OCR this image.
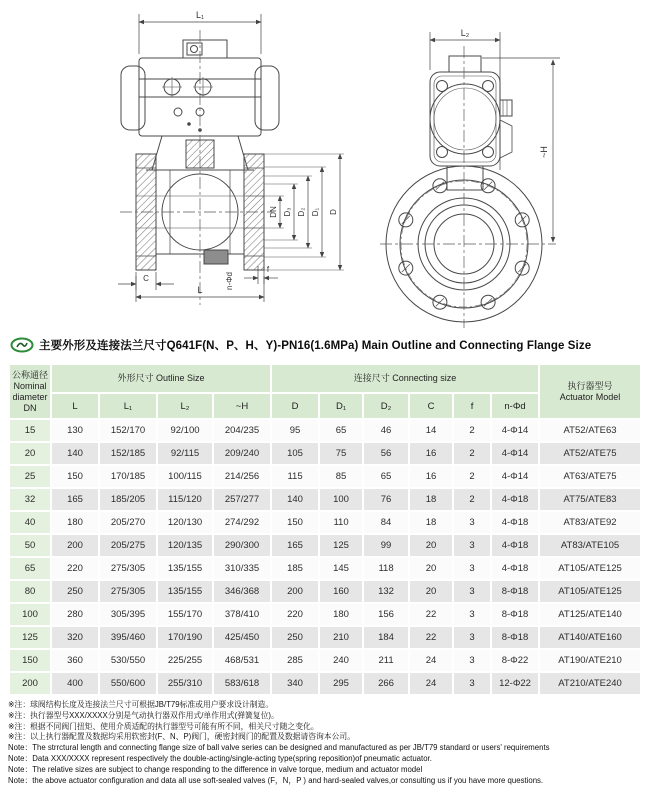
L₁
DN D₃ D₂ D₁ D
C
f
n-Φd
L
L₂
~H
主要外形及连接法兰尺寸Q641F(N、P、H、Y)-PN16(1.6MPa) Main Outline and Connecting Flange Size
公称通径
Nominal
diameter
DN	外形尺寸 Outline Size				连接尺寸 Connecting size						执行器型号
Actuator Model

	L	L₁	L₂	~H	D	D₁	D₂	C	f	n-Φd	
15	130	152/170	92/100	204/235	95	65	46	14	2	4-Φ14	AT52/ATE63
20	140	152/185	92/115	209/240	105	75	56	16	2	4-Φ14	AT52/ATE75
25	150	170/185	100/115	214/256	115	85	65	16	2	4-Φ14	AT63/ATE75
32	165	185/205	115/120	257/277	140	100	76	18	2	4-Φ18	AT75/ATE83
40	180	205/270	120/130	274/292	150	110	84	18	3	4-Φ18	AT83/ATE92
50	200	205/275	120/135	290/300	165	125	99	20	3	4-Φ18	AT83/ATE105
65	220	275/305	135/155	310/335	185	145	118	20	3	4-Φ18	AT105/ATE125
80	250	275/305	135/155	346/368	200	160	132	20	3	8-Φ18	AT105/ATE125
100	280	305/395	155/170	378/410	220	180	156	22	3	8-Φ18	AT125/ATE140
125	320	395/460	170/190	425/450	250	210	184	22	3	8-Φ18	AT140/ATE160
150	360	530/550	225/255	468/531	285	240	211	24	3	8-Φ22	AT190/ATE210
200	400	550/600	255/310	583/618	340	295	266	24	3	12-Φ22	AT210/ATE240
※注：球阀结构长度及连接法兰尺寸可根据JB/T79标准或用户要求设计制造。
※注：执行器型号XXX/XXXX分别是气动执行器双作用式/单作用式(弹簧复位)。
※注：根据不同阀门扭矩、使用介质适配的执行器型号可能有所不同，相关尺寸随之变化。
※注：以上执行器配置及数据均采用软密封(F、N、P)阀门，硬密封阀门的配置及数据请咨询本公司。
Note：The strrctural length and connecting flange size of ball valve series can be designed and manufactured as per JB/T79 standard or users' requirements
Note：Data XXX/XXXX represent respectively the double-acting/single-acting type(spring reposition)of pneumatic actuator.
Note：The relative sizes are subject to change responding to the difference in valve torque, medium and actuator model
Note：the above actuator configuration and data all use soft-sealed valves (F，N，P ) and hard-sealed valves,or consulting us if you have more questions.
